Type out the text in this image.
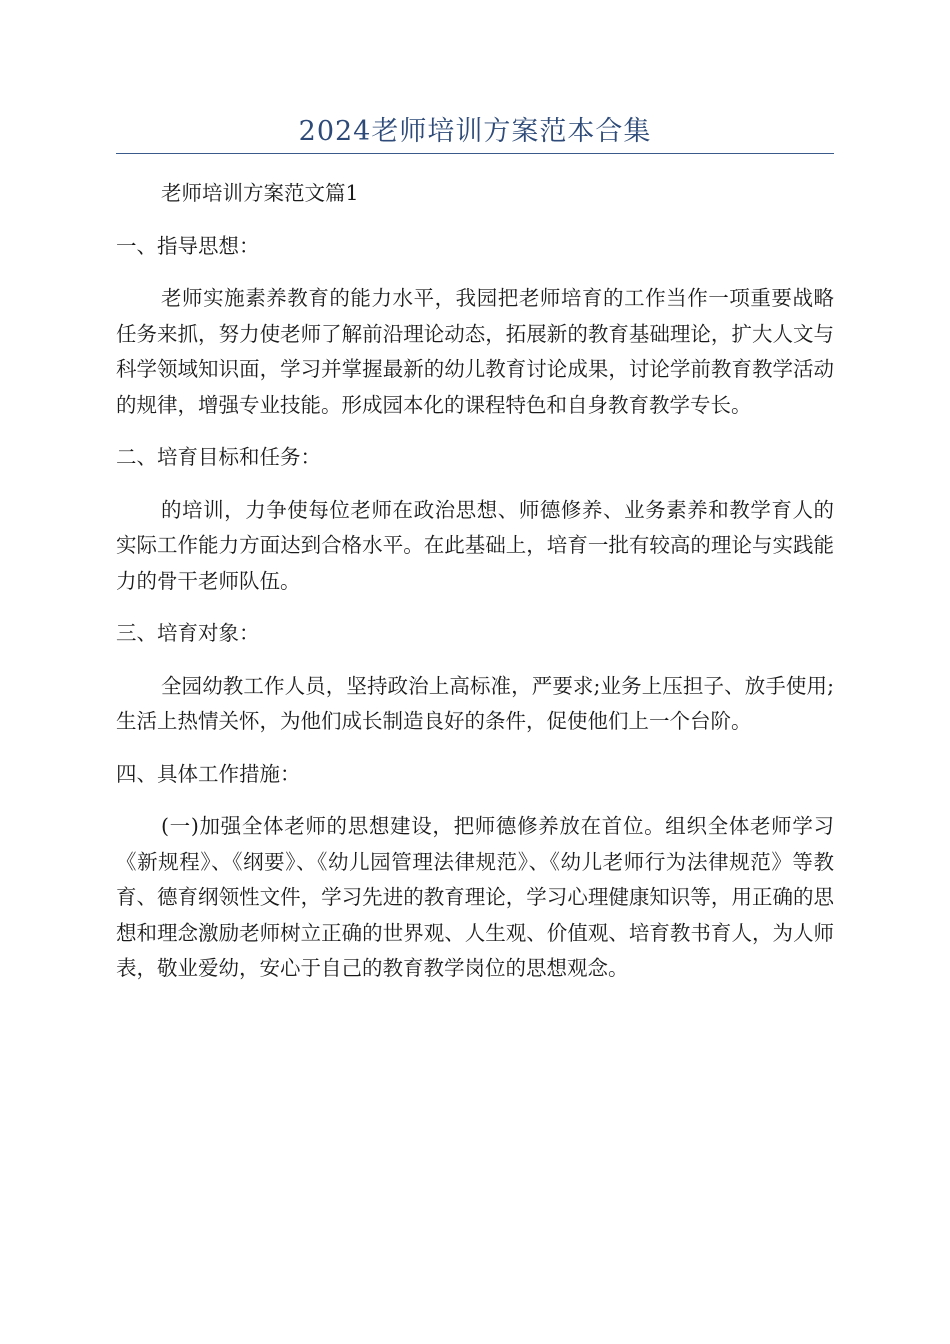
2024老师培训方案范本合集

老师培训方案范文篇1

一、指导思想：

老师实施素养教育的能力水平，我园把老师培育的工作当作一项重要战略任务来抓，努力使老师了解前沿理论动态，拓展新的教育基础理论，扩大人文与科学领域知识面，学习并掌握最新的幼儿教育讨论成果，讨论学前教育教学活动的规律，增强专业技能。形成园本化的课程特色和自身教育教学专长。

二、培育目标和任务：

的培训，力争使每位老师在政治思想、师德修养、业务素养和教学育人的实际工作能力方面达到合格水平。在此基础上，培育一批有较高的理论与实践能力的骨干老师队伍。

三、培育对象：

全园幼教工作人员，坚持政治上高标准，严要求;业务上压担子、放手使用;生活上热情关怀，为他们成长制造良好的条件，促使他们上一个台阶。

四、具体工作措施：

(一)加强全体老师的思想建设，把师德修养放在首位。组织全体老师学习《新规程》、《纲要》、《幼儿园管理法律规范》、《幼儿老师行为法律规范》等教育、德育纲领性文件，学习先进的教育理论，学习心理健康知识等，用正确的思想和理念激励老师树立正确的世界观、人生观、价值观、培育教书育人，为人师表，敬业爱幼，安心于自己的教育教学岗位的思想观念。
